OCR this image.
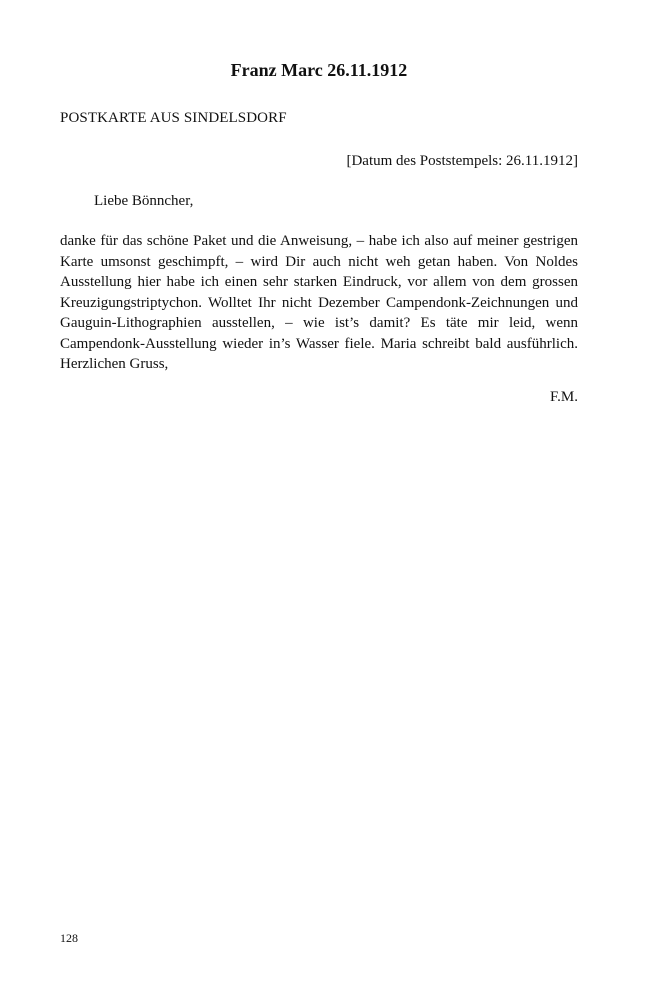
Franz Marc 26.11.1912

POSTKARTE AUS SINDELSDORF

[Datum des Poststempels: 26.11.1912]

Liebe Bönncher,

danke für das schöne Paket und die Anweisung, – habe ich also auf meiner gestrigen Karte umsonst geschimpft, – wird Dir auch nicht weh getan haben. Von Noldes Ausstellung hier habe ich einen sehr starken Eindruck, vor allem von dem grossen Kreuzigungstriptychon. Wolltet Ihr nicht Dezember Campendonk-Zeichnungen und Gauguin-Lithographien ausstellen, – wie ist’s damit? Es täte mir leid, wenn Campendonk-Ausstellung wieder in’s Wasser fiele. Maria schreibt bald ausführlich. Herzlichen Gruss,

F.M.

128
